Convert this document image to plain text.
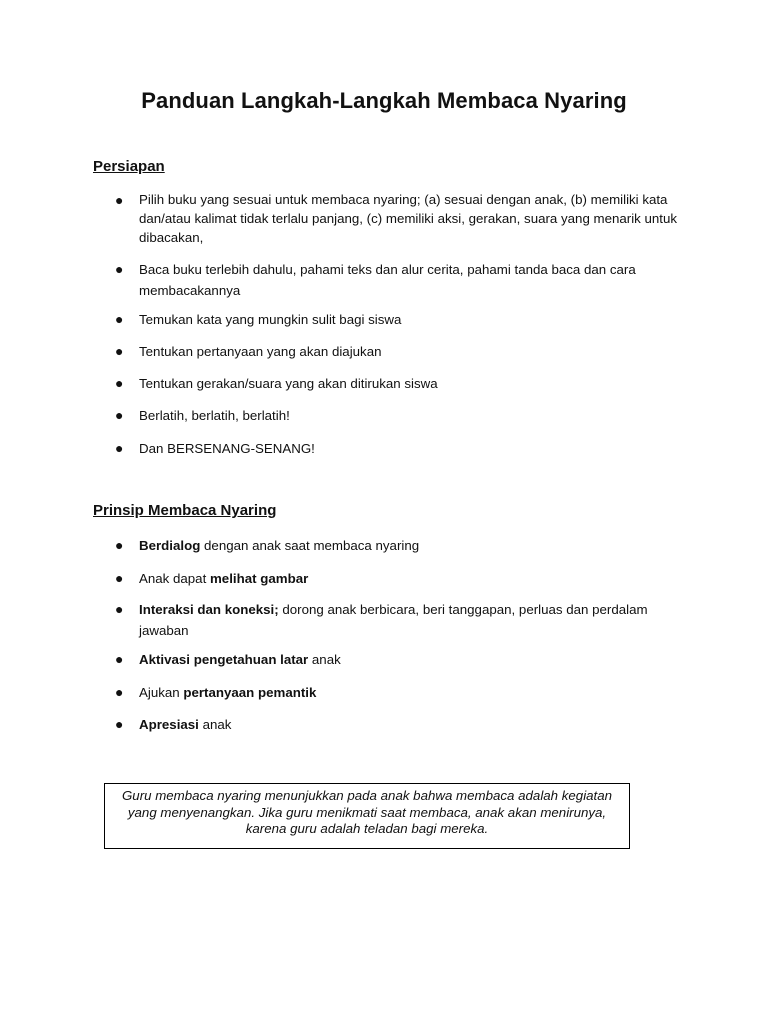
Panduan Langkah-Langkah Membaca Nyaring
Persiapan
● Pilih buku yang sesuai untuk membaca nyaring; (a) sesuai dengan anak, (b) memiliki kata dan/atau kalimat tidak terlalu panjang, (c) memiliki aksi, gerakan, suara yang menarik untuk dibacakan,
● Baca buku terlebih dahulu, pahami teks dan alur cerita, pahami tanda baca dan cara membacakannya
● Temukan kata yang mungkin sulit bagi siswa
● Tentukan pertanyaan yang akan diajukan
● Tentukan gerakan/suara yang akan ditirukan siswa
● Berlatih, berlatih, berlatih!
● Dan BERSENANG-SENANG!
Prinsip Membaca Nyaring
● Berdialog dengan anak saat membaca nyaring
● Anak dapat melihat gambar
● Interaksi dan koneksi; dorong anak berbicara, beri tanggapan, perluas dan perdalam jawaban
● Aktivasi pengetahuan latar anak
● Ajukan pertanyaan pemantik
● Apresiasi anak
Guru membaca nyaring menunjukkan pada anak bahwa membaca adalah kegiatan yang menyenangkan. Jika guru menikmati saat membaca, anak akan menirunya, karena guru adalah teladan bagi mereka.
